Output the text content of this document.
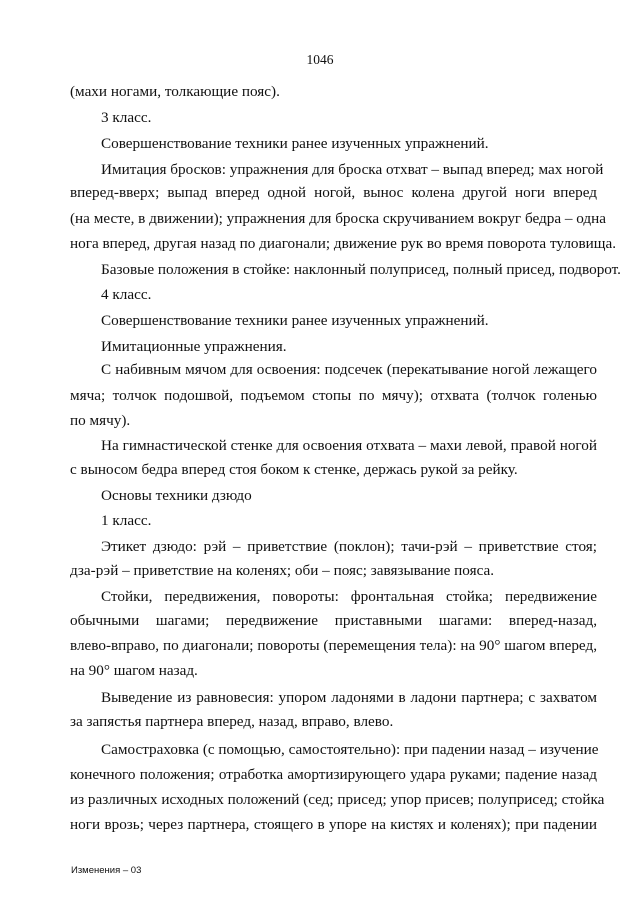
1046
(махи ногами, толкающие пояс).
3 класс.
Совершенствование техники ранее изученных упражнений.
Имитация бросков: упражнения для броска отхват – выпад вперед; мах ногой
вперед-вверх; выпад вперед одной ногой, вынос колена другой ноги вперед
(на месте, в движении); упражнения для броска скручиванием вокруг бедра – одна
нога вперед, другая назад по диагонали; движение рук во время поворота туловища.
Базовые положения в стойке: наклонный полуприсед, полный присед, подворот.
4 класс.
Совершенствование техники ранее изученных упражнений.
Имитационные упражнения.
С набивным мячом для освоения: подсечек (перекатывание ногой лежащего
мяча; толчок подошвой, подъемом стопы по мячу); отхвата (толчок голенью
по мячу).
На гимнастической стенке для освоения отхвата – махи левой, правой ногой
с выносом бедра вперед стоя боком к стенке, держась рукой за рейку.
Основы техники дзюдо
1 класс.
Этикет дзюдо: рэй – приветствие (поклон); тачи-рэй – приветствие стоя;
дза-рэй – приветствие на коленях; оби – пояс; завязывание пояса.
Стойки, передвижения, повороты: фронтальная стойка; передвижение
обычными шагами; передвижение приставными шагами: вперед-назад,
влево-вправо, по диагонали; повороты (перемещения тела): на 90° шагом вперед,
на 90° шагом назад.
Выведение из равновесия: упором ладонями в ладони партнера; с захватом
за запястья партнера вперед, назад, вправо, влево.
Самостраховка (с помощью, самостоятельно): при падении назад – изучение
конечного положения; отработка амортизирующего удара руками; падение назад
из различных исходных положений (сед; присед; упор присев; полуприсед; стойка
ноги врозь; через партнера, стоящего в упоре на кистях и коленях); при падении
Изменения – 03
